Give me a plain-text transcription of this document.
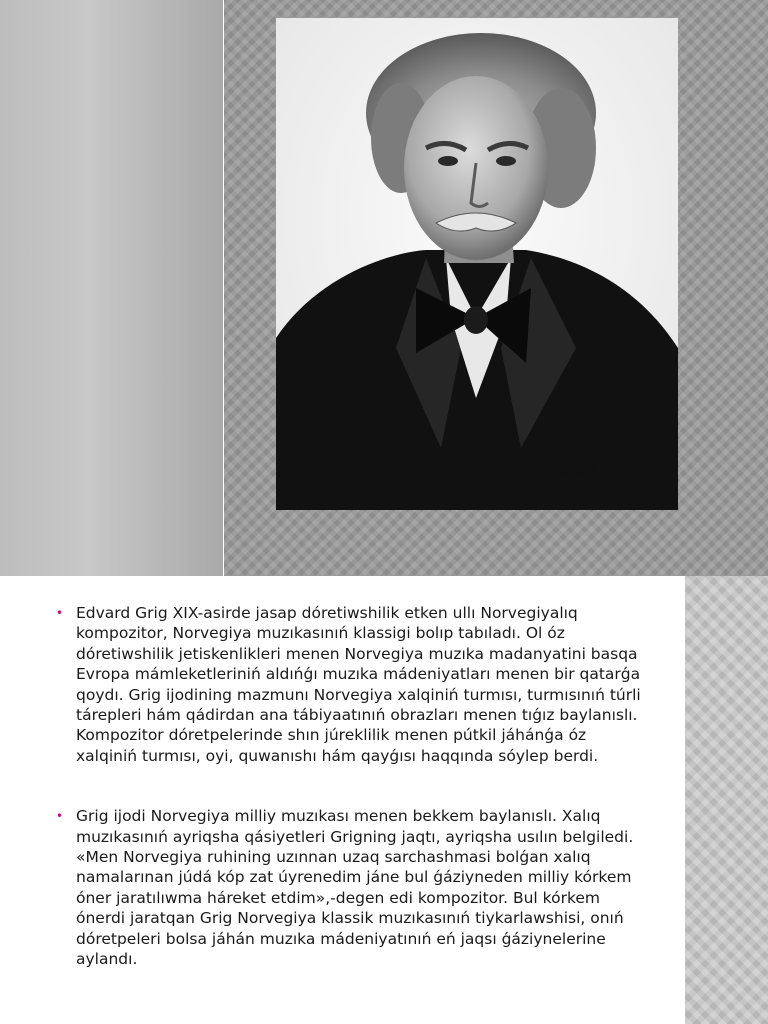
Edward Grieg.
• Edvard Grig XIX-asirde jasap dóretiwshilik etken ullı Norvegiyalıq kompozitor, Norvegiya muzıkasınıń klassigi bolıp tabıladı. Ol óz dóretiwshilik jetiskenlikleri menen Norvegiya muzıka madanyatini basqa Evropa mámleketleriniń aldıńǵı muzıka mádeniyatları menen bir qatarǵa qoydı. Grig ijodining mazmunı Norvegiya xalqiniń turmısı, turmısınıń túrli tárepleri hám qádirdan ana tábiyaatınıń obrazları menen tıǵız baylanıslı. Kompozitor dóretpelerinde shın júreklilik menen pútkil jáhánǵa óz xalqiniń turmısı, oyi, quwanıshı hám qayǵısı haqqında sóylep berdi.
• Grig ijodi Norvegiya milliy muzıkası menen bekkem baylanıslı. Xalıq muzıkasınıń ayriqsha qásiyetleri Grigning jaqtı, ayriqsha usılın belgiledi. «Men Norvegiya ruhining uzınnan uzaq sarchashmasi bolǵan xalıq namalarınan júdá kóp zat úyrenedim jáne bul ǵáziyneden milliy kórkem óner jaratılıwma háreket etdim»,-degen edi kompozitor. Bul kórkem ónerdi jaratqan Grig Norvegiya klassik muzıkasınıń tiykarlawshisi, onıń dóretpeleri bolsa jáhán muzıka mádeniyatınıń eń jaqsı ǵáziynelerine aylandı.
